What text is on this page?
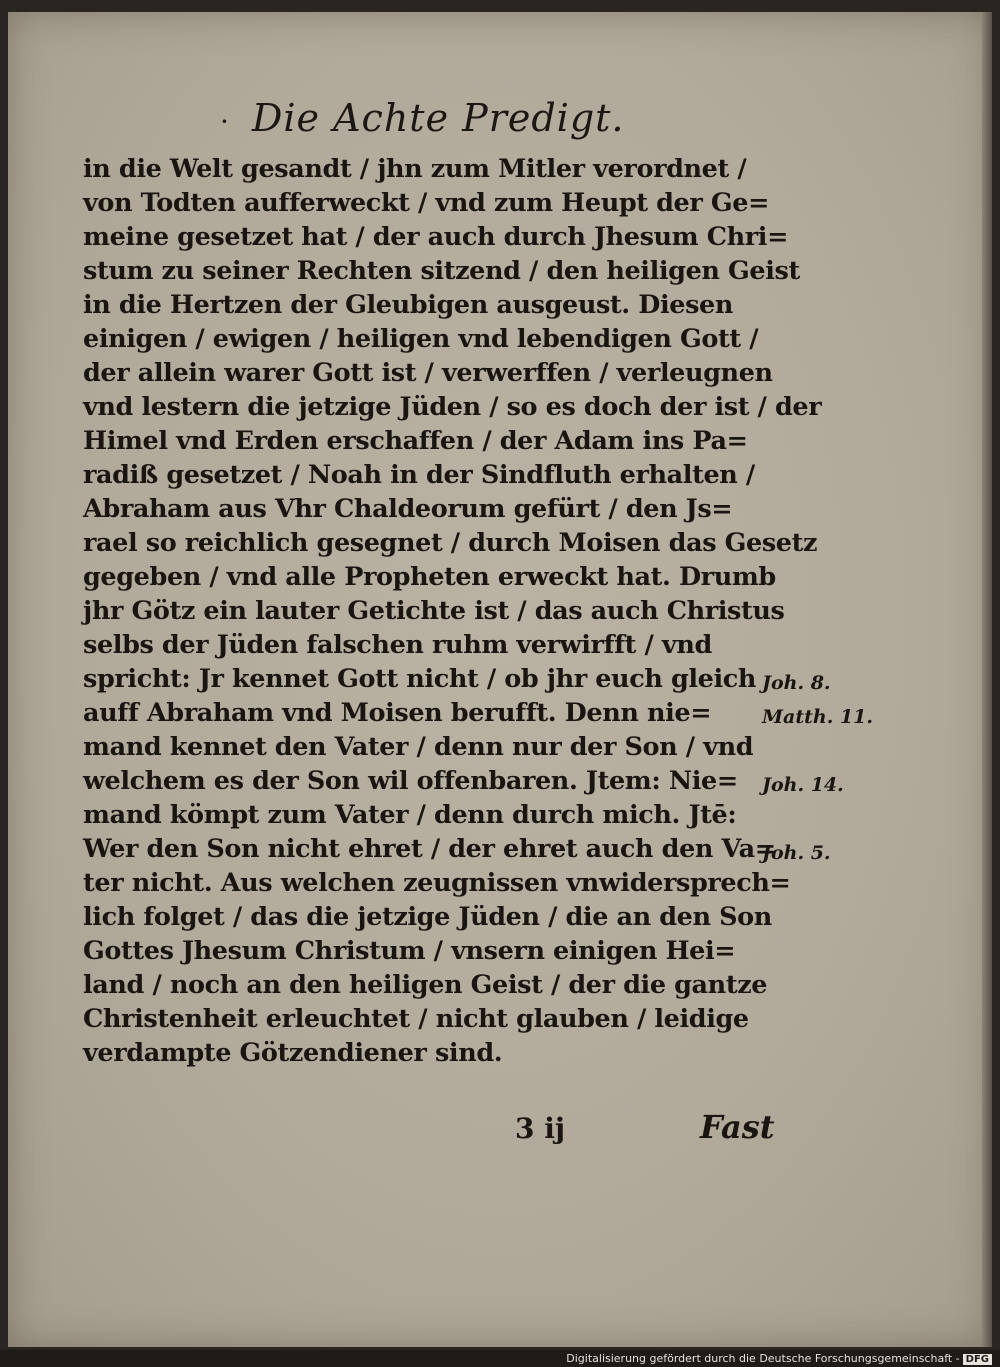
· Die Achte Predigt.
in die Welt gesandt / jhn zum Mitler verordnet /
von Todten aufferweckt / vnd zum Heupt der Ge=
meine gesetzet hat / der auch durch Jhesum Chri=
stum zu seiner Rechten sitzend / den heiligen Geist
in die Hertzen der Gleubigen ausgeust. Diesen
einigen / ewigen / heiligen vnd lebendigen Gott /
der allein warer Gott ist / verwerffen / verleugnen
vnd lestern die jetzige Jüden / so es doch der ist / der
Himel vnd Erden erschaffen / der Adam ins Pa=
radiß gesetzet / Noah in der Sindfluth erhalten /
Abraham aus Vhr Chaldeorum gefürt / den Js=
rael so reichlich gesegnet / durch Moisen das Gesetz
gegeben / vnd alle Propheten erweckt hat. Drumb
jhr Götz ein lauter Getichte ist / das auch Christus
selbs der Jüden falschen ruhm verwirfft / vnd
spricht: Jr kennet Gott nicht / ob jhr euch gleich
auff Abraham vnd Moisen berufft. Denn nie=
mand kennet den Vater / denn nur der Son / vnd
welchem es der Son wil offenbaren. Jtem: Nie=
mand kömpt zum Vater / denn durch mich. Jtē:
Wer den Son nicht ehret / der ehret auch den Va=
ter nicht. Aus welchen zeugnissen vnwidersprech=
lich folget / das die jetzige Jüden / die an den Son
Gottes Jhesum Christum / vnsern einigen Hei=
land / noch an den heiligen Geist / der die gantze
Christenheit erleuchtet / nicht glauben / leidige
verdampte Götzendiener sind.
Joh. 8.
Matth. 11.
Joh. 14.
Joh. 5.
3 ij	Fast
Digitalisierung gefördert durch die Deutsche Forschungsgemeinschaft - DFG
